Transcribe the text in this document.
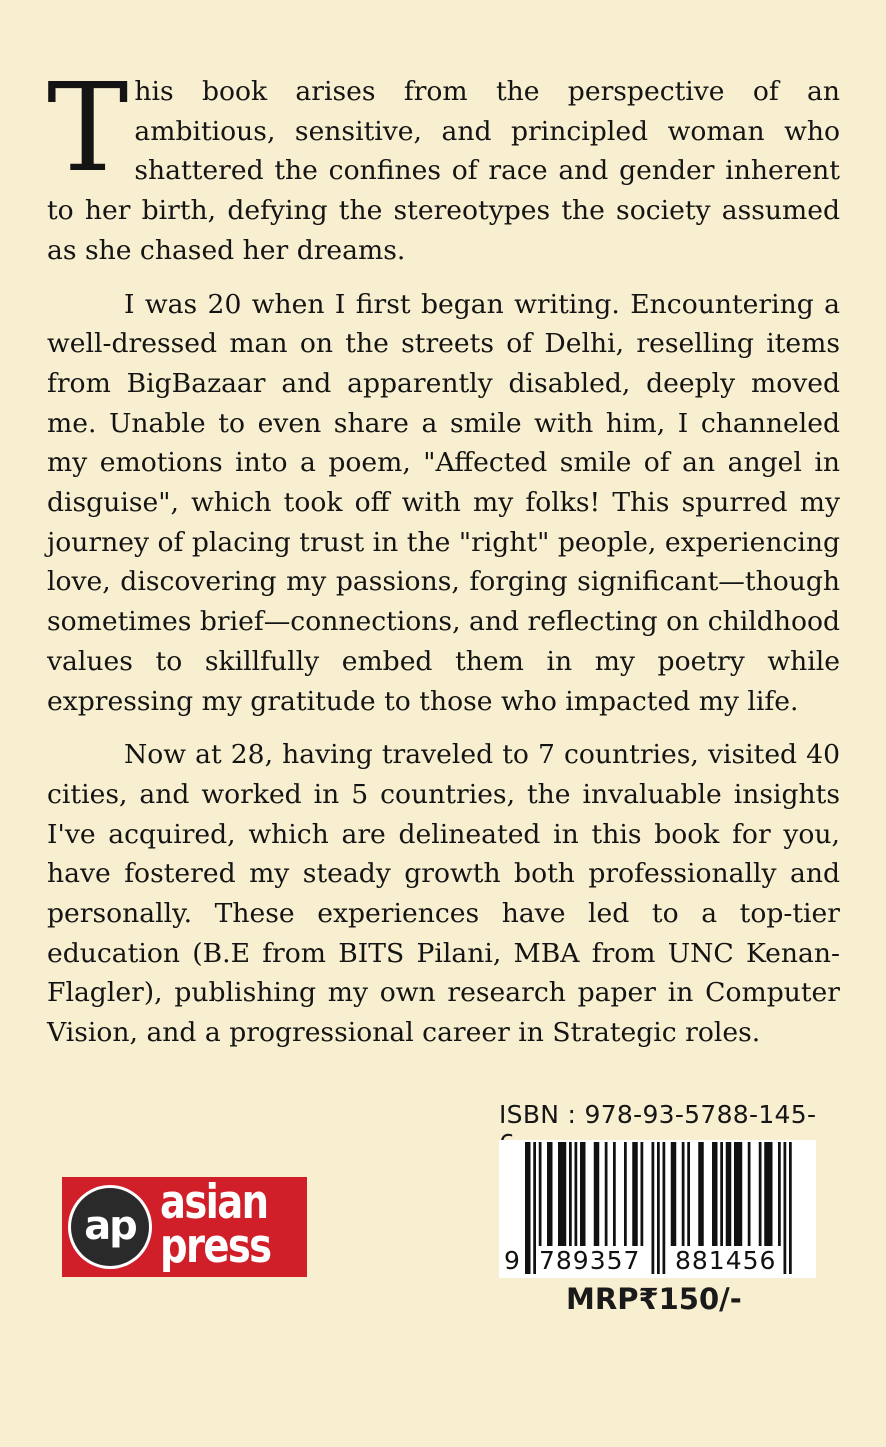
This book arises from the perspective of an ambitious, sensitive, and principled woman who shattered the confines of race and gender inherent to her birth, defying the stereotypes the society assumed as she chased her dreams.

I was 20 when I first began writing. Encountering a well-dressed man on the streets of Delhi, reselling items from BigBazaar and apparently disabled, deeply moved me. Unable to even share a smile with him, I channeled my emotions into a poem, "Affected smile of an angel in disguise", which took off with my folks! This spurred my journey of placing trust in the "right" people, experiencing love, discovering my passions, forging significant—though sometimes brief—connections, and reflecting on childhood values to skillfully embed them in my poetry while expressing my gratitude to those who impacted my life.

Now at 28, having traveled to 7 countries, visited 40 cities, and worked in 5 countries, the invaluable insights I've acquired, which are delineated in this book for you, have fostered my steady growth both professionally and personally. These experiences have led to a top-tier education (B.E from BITS Pilani, MBA from UNC Kenan-Flagler), publishing my own research paper in Computer Vision, and a progressional career in Strategic roles.

ap asian
press
ISBN : 978-93-5788-145-
9 789357 881456
MRP₹150/-
